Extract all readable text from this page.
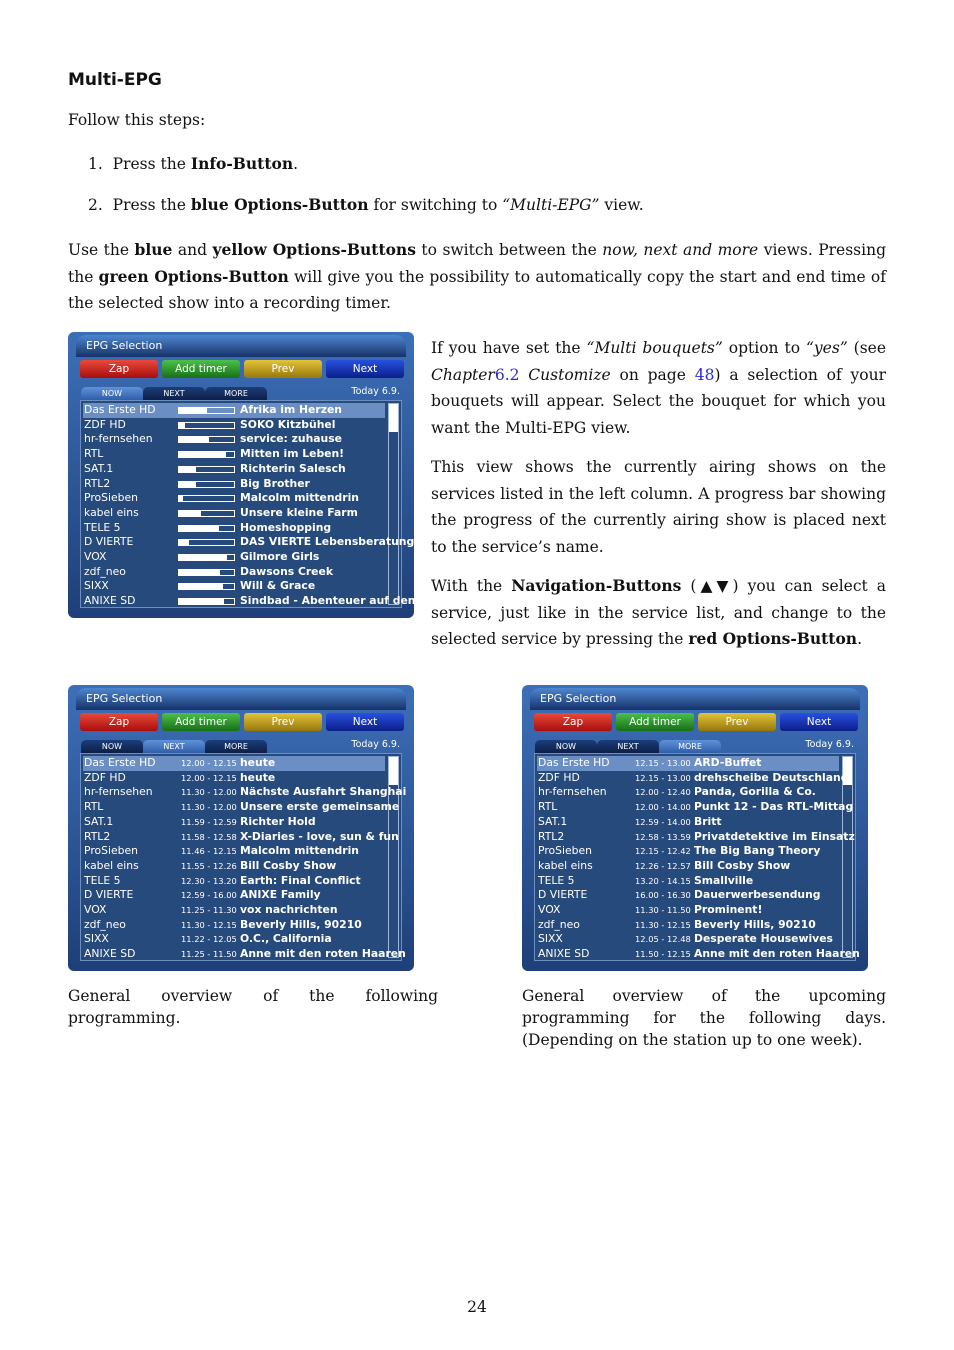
Multi-EPG
Follow this steps:
1. Press the Info-Button.
2. Press the blue Options-Button for switching to “Multi-EPG” view.
Use the blue and yellow Options-Buttons to switch between the now, next and more views. Pressing the green Options-Button will give you the possibility to automatically copy the start and end time of the selected show into a recording timer.
EPG Selection
Zap	Add timer	Prev	Next
NOW	NEXT	MORE	Today 6.9.
Das Erste HD	Afrika im Herzen
ZDF HD	SOKO Kitzbühel
hr-fernsehen	service: zuhause
RTL	Mitten im Leben!
SAT.1	Richterin Salesch
RTL2	Big Brother
ProSieben	Malcolm mittendrin
kabel eins	Unsere kleine Farm
TELE 5	Homeshopping
D VIERTE	DAS VIERTE Lebensberatung
VOX	Gilmore Girls
zdf_neo	Dawsons Creek
SIXX	Will & Grace
ANIXE SD	Sindbad - Abenteuer auf den
If you have set the “Multi bouquets” option to “yes” (see Chapter6.2 Customize on page 48) a selection of your bouquets will appear. Select the bouquet for which you want the Multi-EPG view.
This view shows the currently airing shows on the services listed in the left column. A progress bar showing the progress of the currently airing show is placed next to the service’s name.
With the Navigation-Buttons (▲▼) you can select a service, just like in the service list, and change to the selected service by pressing the red Options-Button.
EPG Selection
Zap	Add timer	Prev	Next
NOW	NEXT	MORE	Today 6.9.
Das Erste HD	12.00 - 12.15 heute
ZDF HD	12.00 - 12.15 heute
hr-fernsehen	11.30 - 12.00 Nächste Ausfahrt Shanghai
RTL	11.30 - 12.00 Unsere erste gemeinsame
SAT.1	11.59 - 12.59 Richter Hold
RTL2	11.58 - 12.58 X-Diaries - love, sun & fun
ProSieben	11.46 - 12.15 Malcolm mittendrin
kabel eins	11.55 - 12.26 Bill Cosby Show
TELE 5	12.30 - 13.20 Earth: Final Conflict
D VIERTE	12.59 - 16.00 ANIXE Family
VOX	11.25 - 11.30 vox nachrichten
zdf_neo	11.30 - 12.15 Beverly Hills, 90210
SIXX	11.22 - 12.05 O.C., California
ANIXE SD	11.25 - 11.50 Anne mit den roten Haaren
EPG Selection
Zap	Add timer	Prev	Next
NOW	NEXT	MORE	Today 6.9.
Das Erste HD	12.15 - 13.00 ARD-Buffet
ZDF HD	12.15 - 13.00 drehscheibe Deutschland
hr-fernsehen	12.00 - 12.40 Panda, Gorilla & Co.
RTL	12.00 - 14.00 Punkt 12 - Das RTL-Mittag
SAT.1	12.59 - 14.00 Britt
RTL2	12.58 - 13.59 Privatdetektive im Einsatz
ProSieben	12.15 - 12.42 The Big Bang Theory
kabel eins	12.26 - 12.57 Bill Cosby Show
TELE 5	13.20 - 14.15 Smallville
D VIERTE	16.00 - 16.30 Dauerwerbesendung
VOX	11.30 - 11.50 Prominent!
zdf_neo	11.30 - 12.15 Beverly Hills, 90210
SIXX	12.05 - 12.48 Desperate Housewives
ANIXE SD	11.50 - 12.15 Anne mit den roten Haaren
General overview of the following programming.
General overview of the upcoming programming for the following days. (Depending on the station up to one week).
24
